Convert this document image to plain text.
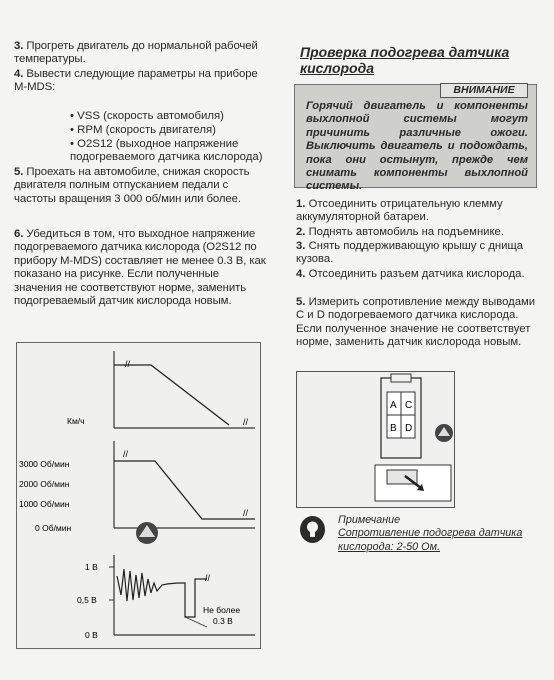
3. Прогреть двигатель до нормальной рабочей температуры.
4. Вывести следующие параметры на приборе M-MDS:
• VSS (скорость автомобиля)
• RPM (скорость двигателя)
• O2S12 (выходное напряжение подогреваемого датчика кислорода)
5. Проехать на автомобиле, снижая скорость двигателя полным отпусканием педали с частоты вращения 3 000 об/мин или более.
6. Убедиться в том, что выходное напряжение подогреваемого датчика кислорода (O2S12 по прибору M-MDS) составляет не менее 0.3 В, как показано на рисунке. Если полученные значения не соответствуют норме, заменить подогреваемый датчик кислорода новым.
//
//
Км/ч
//
//
3000 Об/мин
2000 Об/мин
1000 Об/мин
0 Об/мин
//
1 В
0,5 В
0 В
Не более 0.3 В
Проверка подогрева датчика кислорода
ВНИМАНИЕ
Горячий двигатель и компоненты выхлопной системы могут причинить различные ожоги. Выключить двигатель и подождать, пока они остынут, прежде чем снимать компоненты выхлопной системы.
1. Отсоединить отрицательную клемму аккумуляторной батареи.
2. Поднять автомобиль на подъемнике.
3. Снять поддерживающую крышу с днища кузова.
4. Отсоединить разъем датчика кислорода.
5. Измерить сопротивление между выводами C и D подогреваемого датчика кислорода. Если полученное значение не соответствует норме, заменить датчик кислорода новым.
A C
B D
Примечание
Сопротивление подогрева датчика кислорода: 2-50 Ом.
